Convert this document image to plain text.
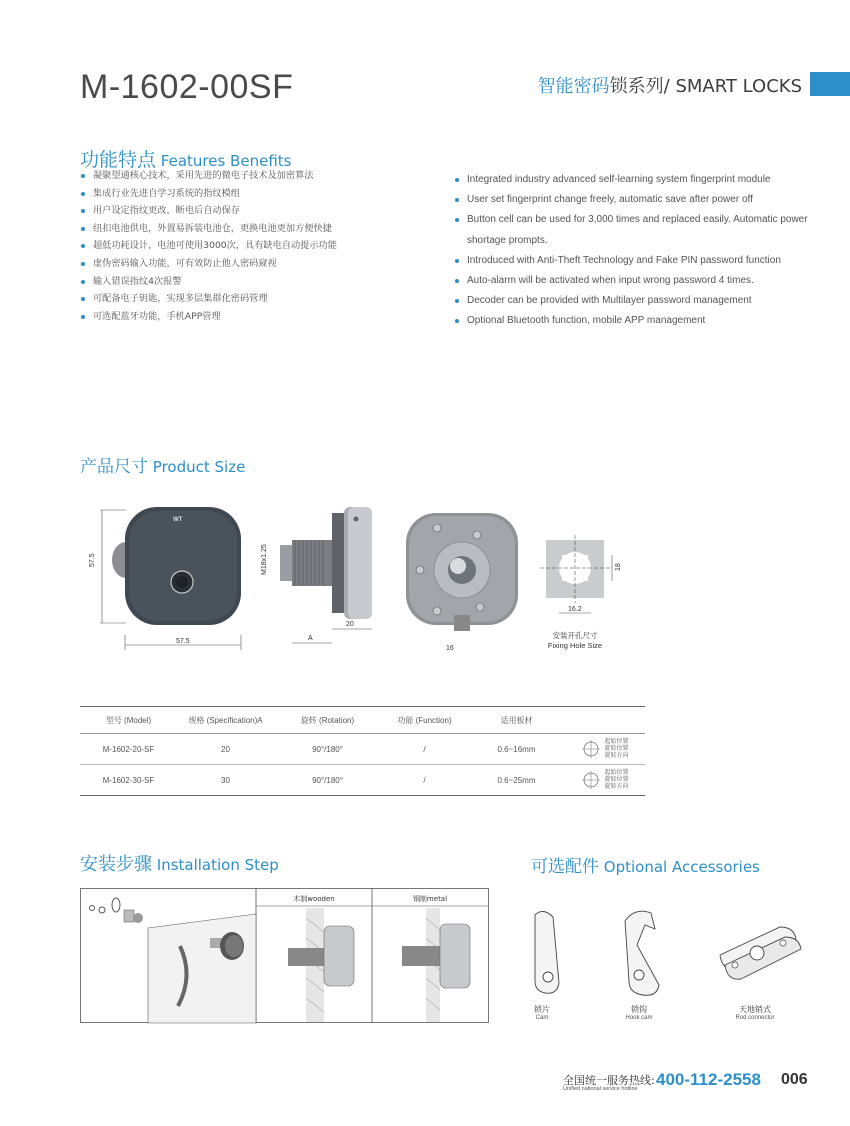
M-1602-00SF	智能密码锁系列/ SMART LOCKS
功能特点 Features Benefits
凝聚望通核心技术，采用先进的微电子技术及加密算法
集成行业先进自学习系统的指纹模组
用户设定指纹更改，断电后自动保存
纽扣电池供电，外置易拆装电池仓，更换电池更加方便快捷
超低功耗设计，电池可使用3000次，具有缺电自动提示功能
虚伪密码输入功能，可有效防止他人密码窥视
输入错误指纹4次报警
可配备电子钥匙，实现多层集群化密码管理
可选配蓝牙功能，手机APP管理
Integrated industry advanced self-learning system fingerprint module
User set fingerprint change freely, automatic save after power off
Button cell can be used for 3,000 times and replaced easily. Automatic power shortage prompts.
Introduced with Anti-Theft Technology and Fake PIN password function
Auto-alarm will be activated when input wrong password 4 times.
Decoder can be provided with Multilayer password management
Optional Bluetooth function, mobile APP management
产品尺寸 Product Size
57.5
WT
57.5
M18x1.25
A
20
16
18
16.2
安装开孔尺寸
Fixing Hole Size
型号 (Model)	规格 (Specification)A	旋转 (Rotation)	功能 (Function)	适用板材	
M-1602-20-SF	20	90°/180°	/	0.6~16mm	起始位置
旋转位置
旋转方向

M-1602-30-SF	30	90°/180°	/	0.6~25mm	起始位置
旋转位置
旋转方向
安装步骤 Installation Step
木制wooden	钢制metal
可选配件 Optional Accessories
锁片
Cam
锁钩
Hook cam
天地销式
Rod connector
全国统一服务热线:
Unified national service hotline 400-112-2558 006
